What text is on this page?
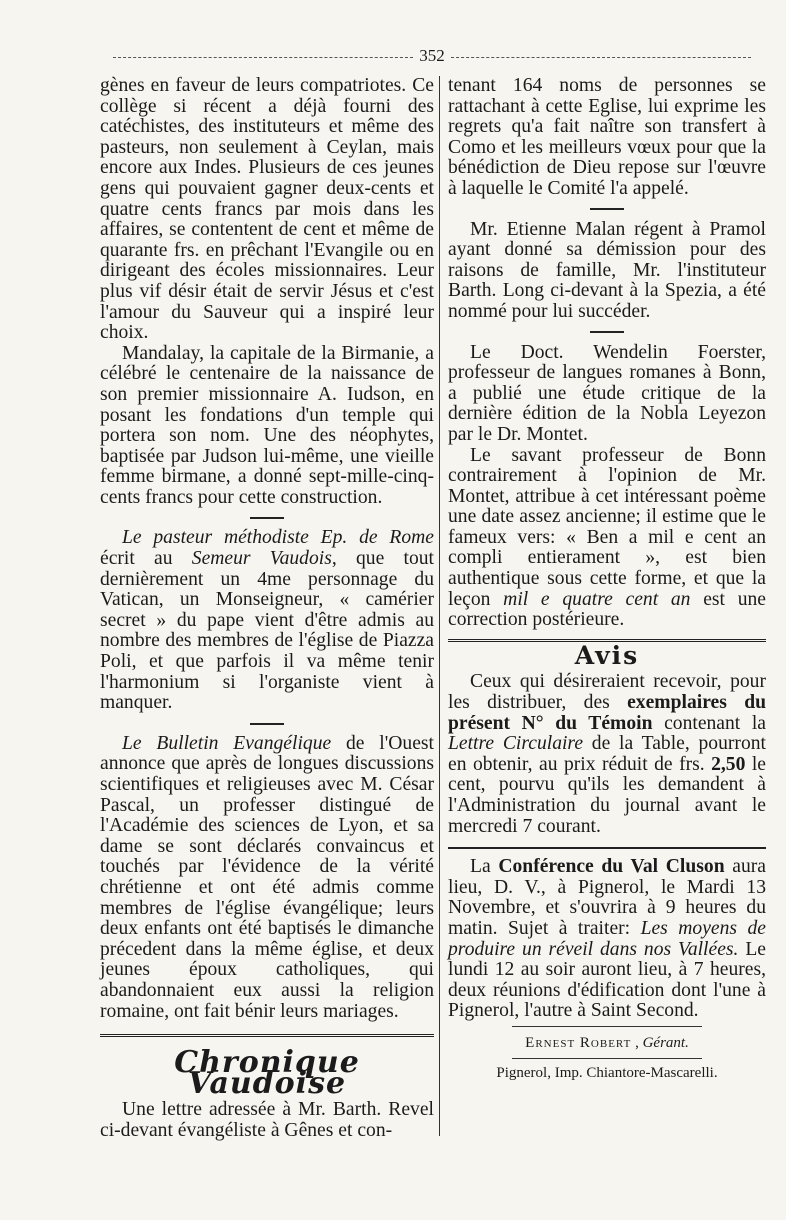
352

gènes en faveur de leurs compatriotes. Ce collège si récent a déjà fourni des catéchistes, des instituteurs et même des pasteurs, non seulement à Ceylan, mais encore aux Indes. Plusieurs de ces jeunes gens qui pouvaient gagner deux-cents et quatre cents francs par mois dans les affaires, se contentent de cent et même de quarante frs. en prêchant l'Evangile ou en dirigeant des écoles missionnaires. Leur plus vif désir était de servir Jésus et c'est l'amour du Sauveur qui a inspiré leur choix.

Mandalay, la capitale de la Birmanie, a célébré le centenaire de la naissance de son premier missionnaire A. Iudson, en posant les fondations d'un temple qui portera son nom. Une des néophytes, baptisée par Judson lui-même, une vieille femme birmane, a donné sept-mille-cinq-cents francs pour cette construction.

Le pasteur méthodiste Ep. de Rome écrit au Semeur Vaudois, que tout dernièrement un 4me personnage du Vatican, un Monseigneur, « camérier secret » du pape vient d'être admis au nombre des membres de l'église de Piazza Poli, et que parfois il va même tenir l'harmonium si l'organiste vient à manquer.

Le Bulletin Evangélique de l'Ouest annonce que après de longues discussions scientifiques et religieuses avec M. César Pascal, un professer distingué de l'Académie des sciences de Lyon, et sa dame se sont déclarés convaincus et touchés par l'évidence de la vérité chrétienne et ont été admis comme membres de l'église évangélique; leurs deux enfants ont été baptisés le dimanche précedent dans la même église, et deux jeunes époux catholiques, qui abandonnaient eux aussi la religion romaine, ont fait bénir leurs mariages.

Chronique Vaudoise

Une lettre adressée à Mr. Barth. Revel ci-devant évangéliste à Gênes et con-

tenant 164 noms de personnes se rattachant à cette Eglise, lui exprime les regrets qu'a fait naître son transfert à Como et les meilleurs vœux pour que la bénédiction de Dieu repose sur l'œuvre à laquelle le Comité l'a appelé.

Mr. Etienne Malan régent à Pramol ayant donné sa démission pour des raisons de famille, Mr. l'instituteur Barth. Long ci-devant à la Spezia, a été nommé pour lui succéder.

Le Doct. Wendelin Foerster, professeur de langues romanes à Bonn, a publié une étude critique de la dernière édition de la Nobla Leyezon par le Dr. Montet.

Le savant professeur de Bonn contrairement à l'opinion de Mr. Montet, attribue à cet intéressant poème une date assez ancienne; il estime que le fameux vers: « Ben a mil e cent an compli entierament », est bien authentique sous cette forme, et que la leçon mil e quatre cent an est une correction postérieure.

Avis

Ceux qui désireraient recevoir, pour les distribuer, des exemplaires du présent N° du Témoin contenant la Lettre Circulaire de la Table, pourront en obtenir, au prix réduit de frs. 2,50 le cent, pourvu qu'ils les demandent à l'Administration du journal avant le mercredi 7 courant.

La Conférence du Val Cluson aura lieu, D. V., à Pignerol, le Mardi 13 Novembre, et s'ouvrira à 9 heures du matin. Sujet à traiter: Les moyens de produire un réveil dans nos Vallées. Le lundi 12 au soir auront lieu, à 7 heures, deux réunions d'édification dont l'une à Pignerol, l'autre à Saint Second.

Ernest Robert , Gérant.
Pignerol, Imp. Chiantore-Mascarelli.
